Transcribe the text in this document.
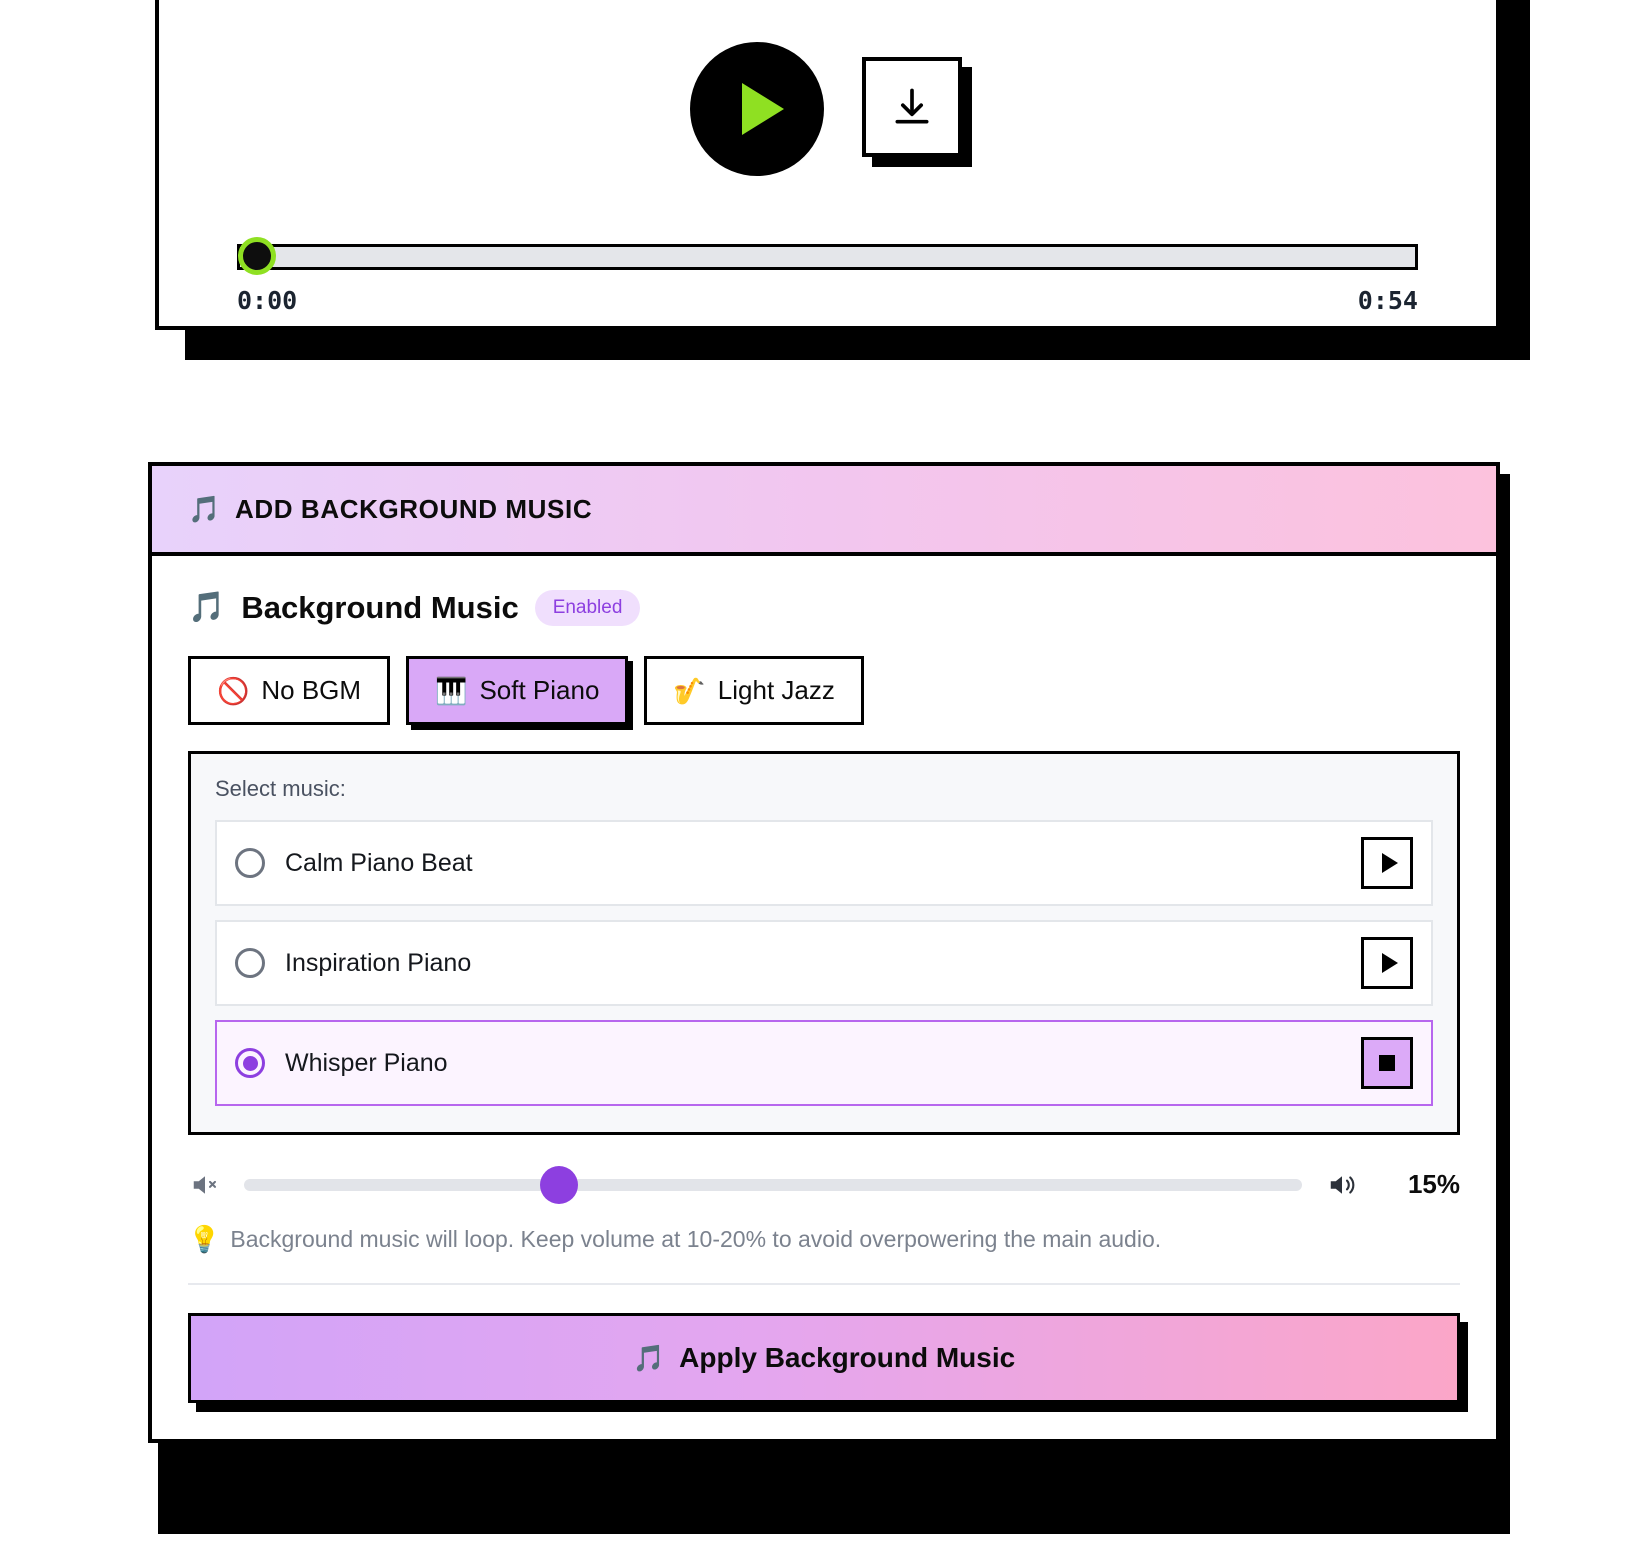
0:00	0:54
🎵 ADD BACKGROUND MUSIC
🎵 Background Music	Enabled
🚫 No BGM	🎹 Soft Piano	🎷 Light Jazz
Select music:
Calm Piano Beat
Inspiration Piano
Whisper Piano
15%
💡 Background music will loop. Keep volume at 10-20% to avoid overpowering the main audio.
🎵 Apply Background Music
